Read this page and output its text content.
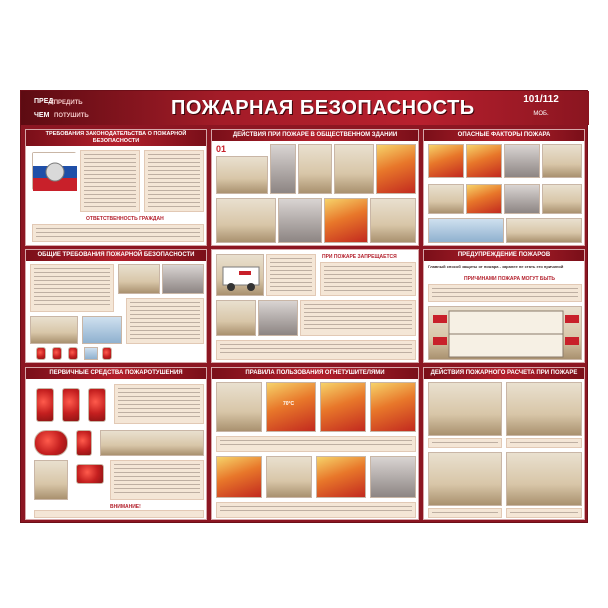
ПРЕД
УПРЕДИТЬ
ЧЕМ ПОТУШИТЬ	ПОЖАРНАЯ БЕЗОПАСНОСТЬ	101/112
МОБ.
ТРЕБОВАНИЯ ЗАКОНОДАТЕЛЬСТВА О ПОЖАРНОЙ БЕЗОПАСНОСТИ
ОТВЕТСТВЕННОСТЬ ГРАЖДАН
ДЕЙСТВИЯ ПРИ ПОЖАРЕ В ОБЩЕСТВЕННОМ ЗДАНИИ
01
ОПАСНЫЕ ФАКТОРЫ ПОЖАРА
ОБЩИЕ ТРЕБОВАНИЯ ПОЖАРНОЙ БЕЗОПАСНОСТИ	ПРИ ПОЖАРЕ ЗАПРЕЩАЕТСЯ	ПРЕДУПРЕЖДЕНИЕ ПОЖАРОВ
Главный способ защиты от пожара - заранее не стать его причиной
ПРИЧИНАМИ ПОЖАРА МОГУТ БЫТЬ
ПЕРВИЧНЫЕ СРЕДСТВА ПОЖАРОТУШЕНИЯ
ВНИМАНИЕ!
ПРАВИЛА ПОЛЬЗОВАНИЯ ОГНЕТУШИТЕЛЯМИ
70°C
ДЕЙСТВИЯ ПОЖАРНОГО РАСЧЕТА ПРИ ПОЖАРЕ
